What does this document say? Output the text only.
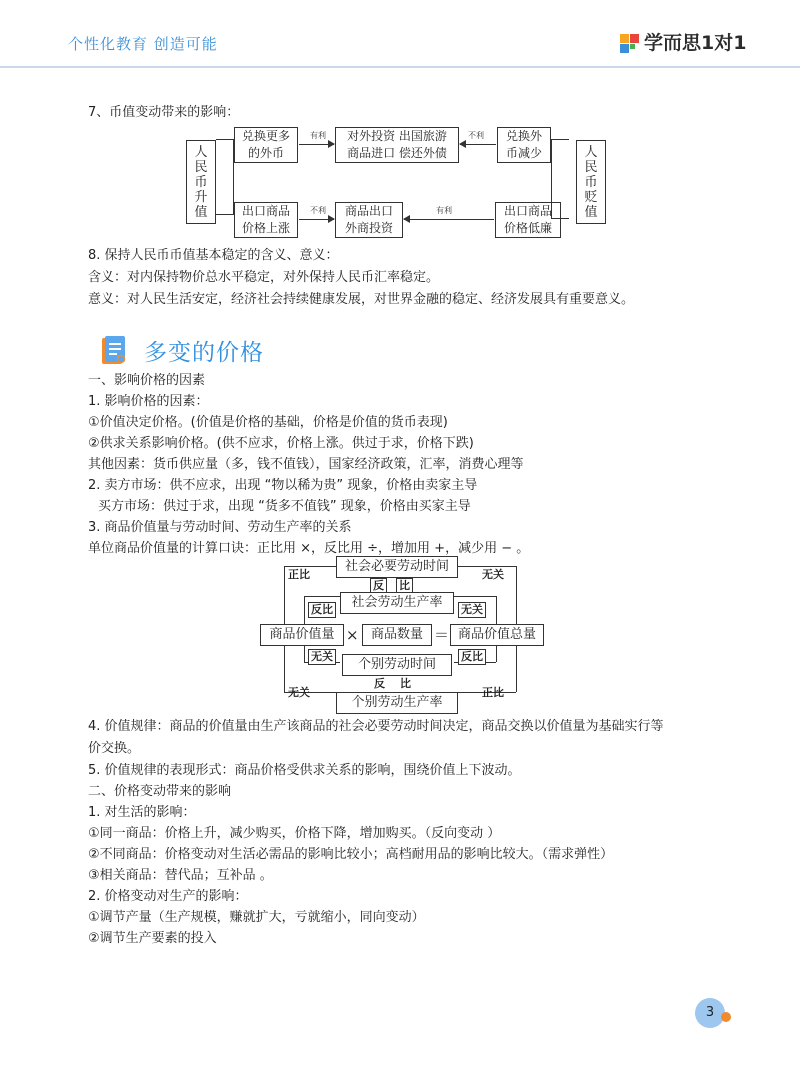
个性化教育 创造可能	学而思1对1
7、币值变动带来的影响：
人民币升值
兑换更多
的外币
有利 对外投资 出国旅游
商品进口 偿还外债
不利 兑换外
币减少
出口商品
价格上涨
不利 商品出口
外商投资
有利	出口商品
价格低廉
人民币贬值
8. 保持人民币币值基本稳定的含义、意义：
含义：对内保持物价总水平稳定，对外保持人民币汇率稳定。
意义：对人民生活安定，经济社会持续健康发展，对世界金融的稳定、经济发展具有重要意义。
多变的价格
一、影响价格的因素
1. 影响价格的因素：
①价值决定价格。(价值是价格的基础，价格是价值的货币表现)
②供求关系影响价格。(供不应求，价格上涨。供过于求，价格下跌)
其他因素：货币供应量（多，钱不值钱），国家经济政策，汇率，消费心理等
2. 卖方市场：供不应求，出现 “物以稀为贵” 现象，价格由卖家主导
买方市场：供过于求，出现 “货多不值钱” 现象，价格由买家主导
3. 商品价值量与劳动时间、劳动生产率的关系
单位商品价值量的计算口诀：正比用 ×，反比用 ÷，增加用 +，减少用 − 。
社会必要劳动时间
正比	无关
反 比
社会劳动生产率
反比	无关
商品价值量 × 商品数量 ＝ 商品价值总量
无关	反比
个别劳动时间
反 比
无关	正比
个别劳动生产率
4. 价值规律：商品的价值量由生产该商品的社会必要劳动时间决定，商品交换以价值量为基础实行等
价交换。
5. 价值规律的表现形式：商品价格受供求关系的影响，围绕价值上下波动。
二、价格变动带来的影响
1. 对生活的影响：
①同一商品：价格上升，减少购买，价格下降，增加购买。（反向变动 ）
②不同商品：价格变动对生活必需品的影响比较小；高档耐用品的影响比较大。（需求弹性）
③相关商品：替代品；互补品 。
2. 价格变动对生产的影响：
①调节产量（生产规模，赚就扩大，亏就缩小，同向变动）
②调节生产要素的投入
3
